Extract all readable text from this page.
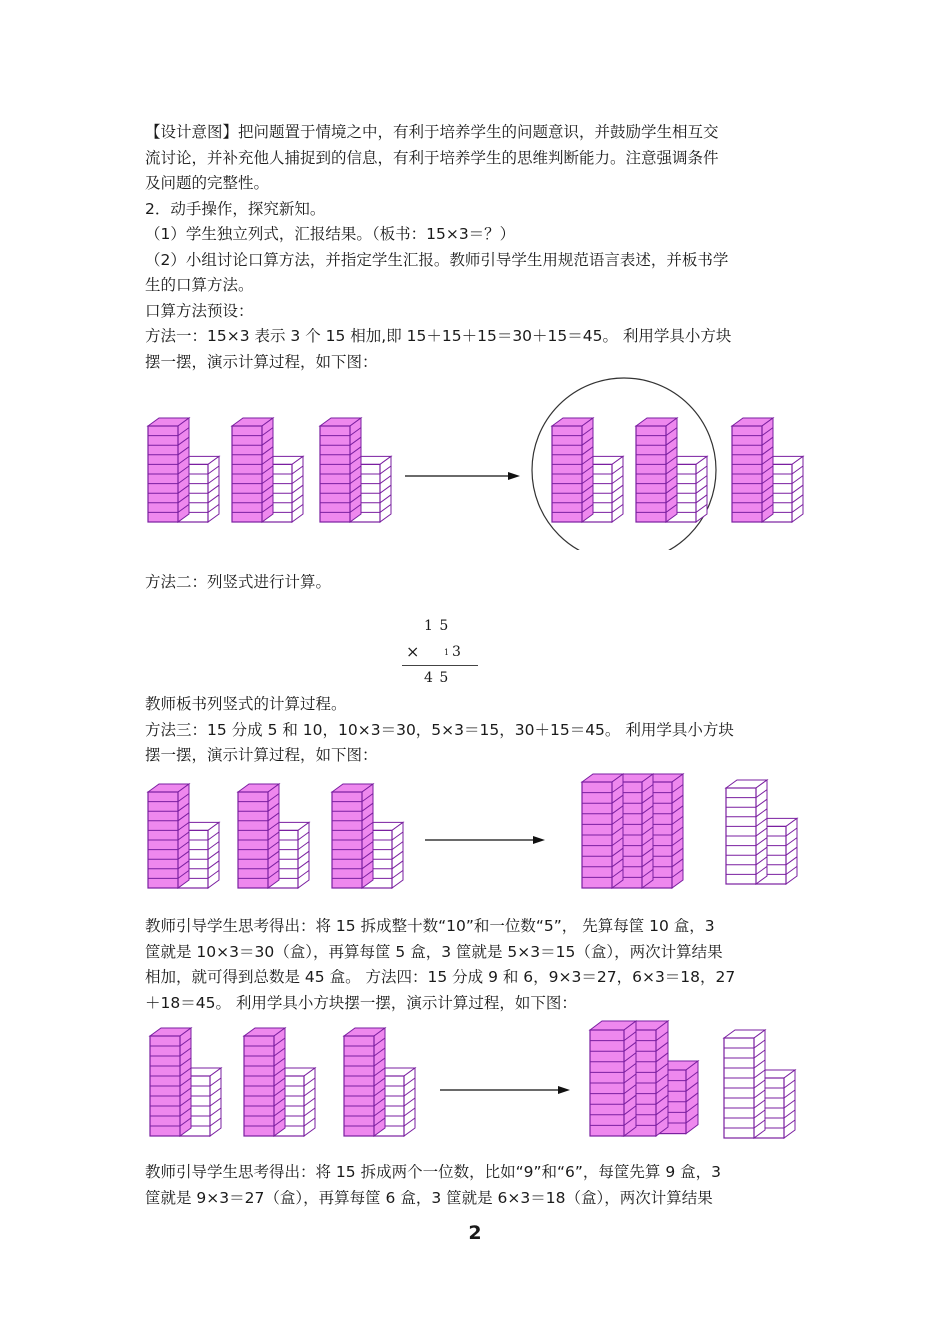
【设计意图】把问题置于情境之中，有利于培养学生的问题意识，并鼓励学生相互交
流讨论，并补充他人捕捉到的信息，有利于培养学生的思维判断能力。注意强调条件
及问题的完整性。
2．动手操作，探究新知。
（1）学生独立列式，汇报结果。（板书：15×3＝？）
（2）小组讨论口算方法，并指定学生汇报。教师引导学生用规范语言表述，并板书学
生的口算方法。
口算方法预设：
方法一：15×3 表示 3 个 15 相加,即 15＋15＋15＝30＋15＝45。 利用学具小方块
摆一摆，演示计算过程，如下图：
方法二：列竖式进行计算。
1 5
×	1 3
4 5
教师板书列竖式的计算过程。
方法三：15 分成 5 和 10，10×3＝30，5×3＝15，30＋15＝45。 利用学具小方块
摆一摆，演示计算过程，如下图：
教师引导学生思考得出：将 15 拆成整十数“10”和一位数“5”， 先算每筐 10 盒，3
筐就是 10×3＝30（盒），再算每筐 5 盒，3 筐就是 5×3＝15（盒），两次计算结果
相加，就可得到总数是 45 盒。 方法四：15 分成 9 和 6，9×3＝27，6×3＝18，27
＋18＝45。 利用学具小方块摆一摆，演示计算过程，如下图：
教师引导学生思考得出：将 15 拆成两个一位数，比如“9”和“6”，每筐先算 9 盒，3
筐就是 9×3＝27（盒），再算每筐 6 盒，3 筐就是 6×3＝18（盒），两次计算结果
2
